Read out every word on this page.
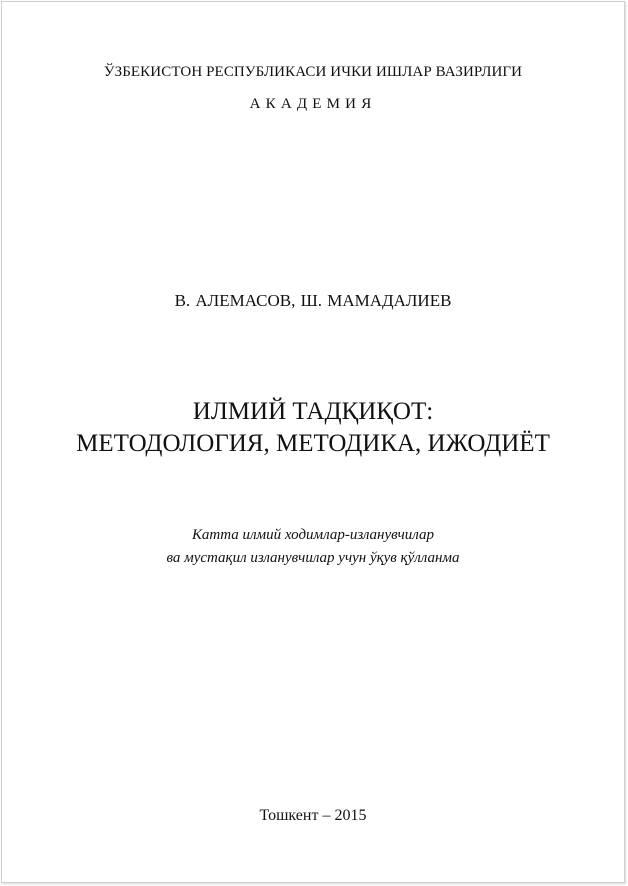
ЎЗБЕКИСТОН РЕСПУБЛИКАСИ ИЧКИ ИШЛАР ВАЗИРЛИГИ
АКАДЕМИЯ
В. АЛЕМАСОВ, Ш. МАМАДАЛИЕВ
ИЛМИЙ ТАДҚИҚОТ:
МЕТОДОЛОГИЯ, МЕТОДИКА, ИЖОДИЁТ
Катта илмий ходимлар-изланувчилар
ва мустақил изланувчилар учун ўқув қўлланма
Тошкент – 2015
